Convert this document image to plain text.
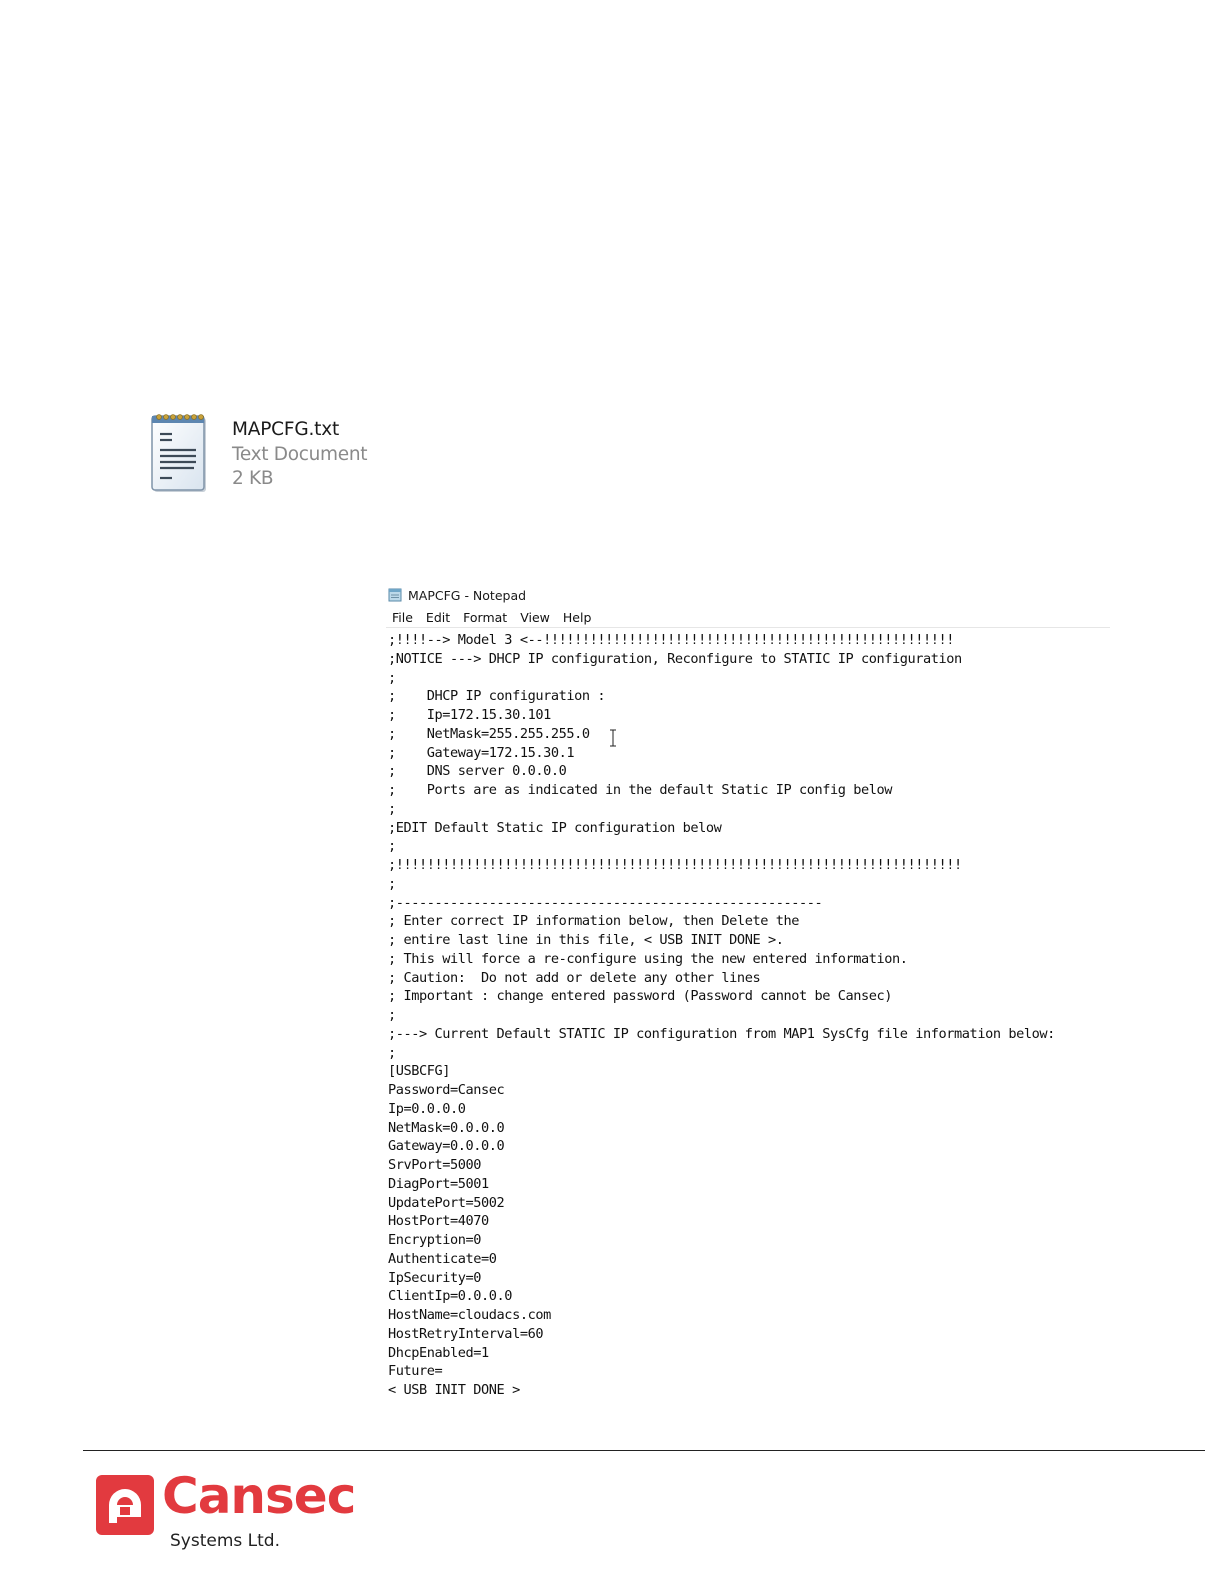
MAPCFG.txt
Text Document
2 KB
MAPCFG - Notepad
File	Edit	Format	View	Help
;!!!!--> Model 3 <--!!!!!!!!!!!!!!!!!!!!!!!!!!!!!!!!!!!!!!!!!!!!!!!!!!!!!
;NOTICE ---> DHCP IP configuration, Reconfigure to STATIC IP configuration
;
;    DHCP IP configuration :
;    Ip=172.15.30.101
;    NetMask=255.255.255.0
;    Gateway=172.15.30.1
;    DNS server 0.0.0.0
;    Ports are as indicated in the default Static IP config below
;
;EDIT Default Static IP configuration below
;
;!!!!!!!!!!!!!!!!!!!!!!!!!!!!!!!!!!!!!!!!!!!!!!!!!!!!!!!!!!!!!!!!!!!!!!!!!
;
;-------------------------------------------------------
; Enter correct IP information below, then Delete the
; entire last line in this file, < USB INIT DONE >.
; This will force a re-configure using the new entered information.
; Caution:  Do not add or delete any other lines
; Important : change entered password (Password cannot be Cansec)
;
;---> Current Default STATIC IP configuration from MAP1 SysCfg file information below:
;
[USBCFG]
Password=Cansec
Ip=0.0.0.0
NetMask=0.0.0.0
Gateway=0.0.0.0
SrvPort=5000
DiagPort=5001
UpdatePort=5002
HostPort=4070
Encryption=0
Authenticate=0
IpSecurity=0
ClientIp=0.0.0.0
HostName=cloudacs.com
HostRetryInterval=60
DhcpEnabled=1
Future=
< USB INIT DONE >
Cansec
Systems Ltd.
